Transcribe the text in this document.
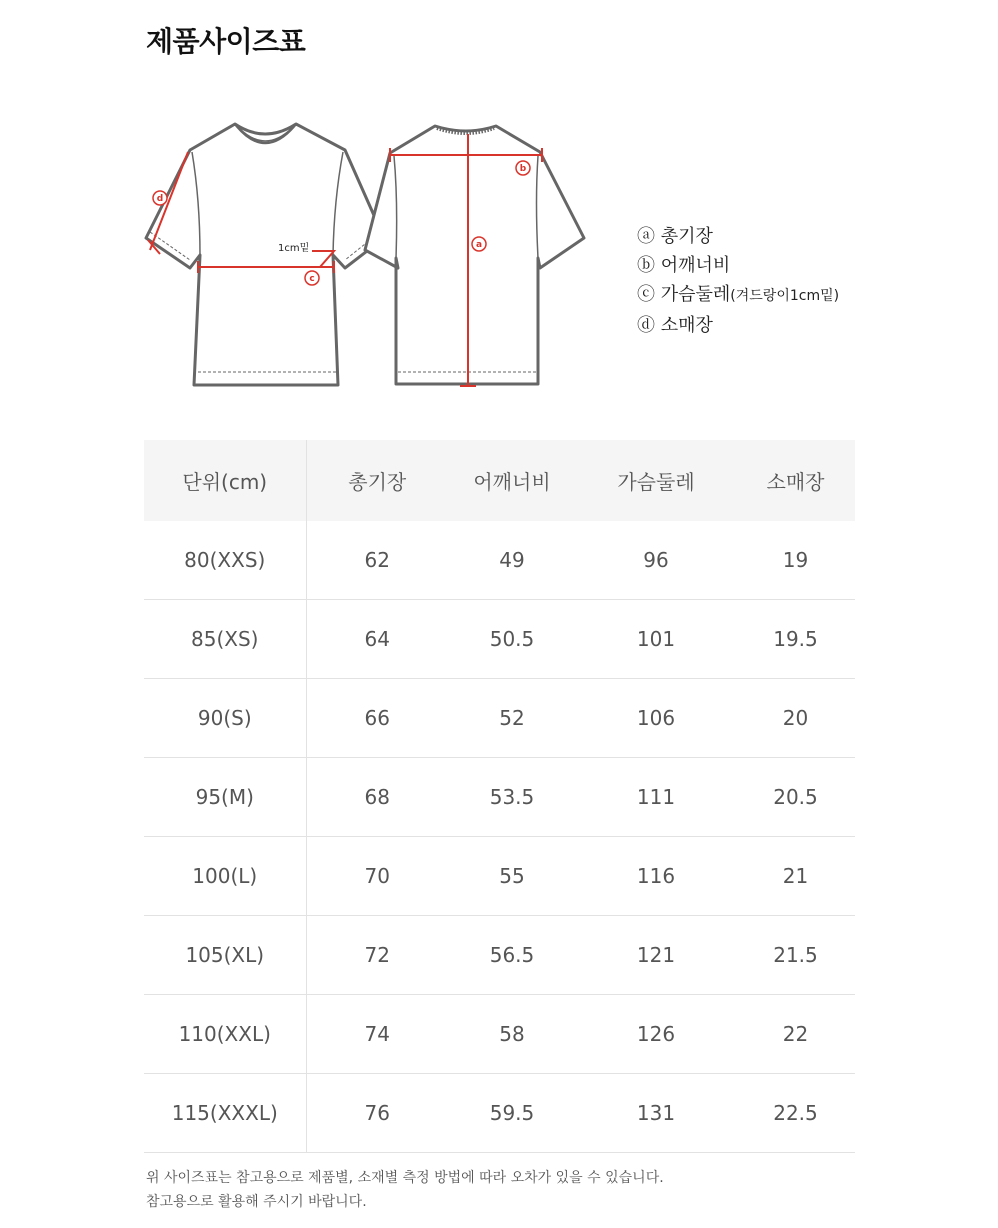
제품사이즈표
c
a
b
d
1cm밑
ⓐ 총기장
ⓑ 어깨너비
ⓒ 가슴둘레(겨드랑이1cm밑)
ⓓ 소매장
단위(cm)	총기장	어깨너비	가슴둘레	소매장
80(XXS)	62	49	96	19
85(XS)	64	50.5	101	19.5
90(S)	66	52	106	20
95(M)	68	53.5	111	20.5
100(L)	70	55	116	21
105(XL)	72	56.5	121	21.5
110(XXL)	74	58	126	22
115(XXXL)	76	59.5	131	22.5
위 사이즈표는 참고용으로 제품별, 소재별 측정 방법에 따라 오차가 있을 수 있습니다.
참고용으로 활용해 주시기 바랍니다.
